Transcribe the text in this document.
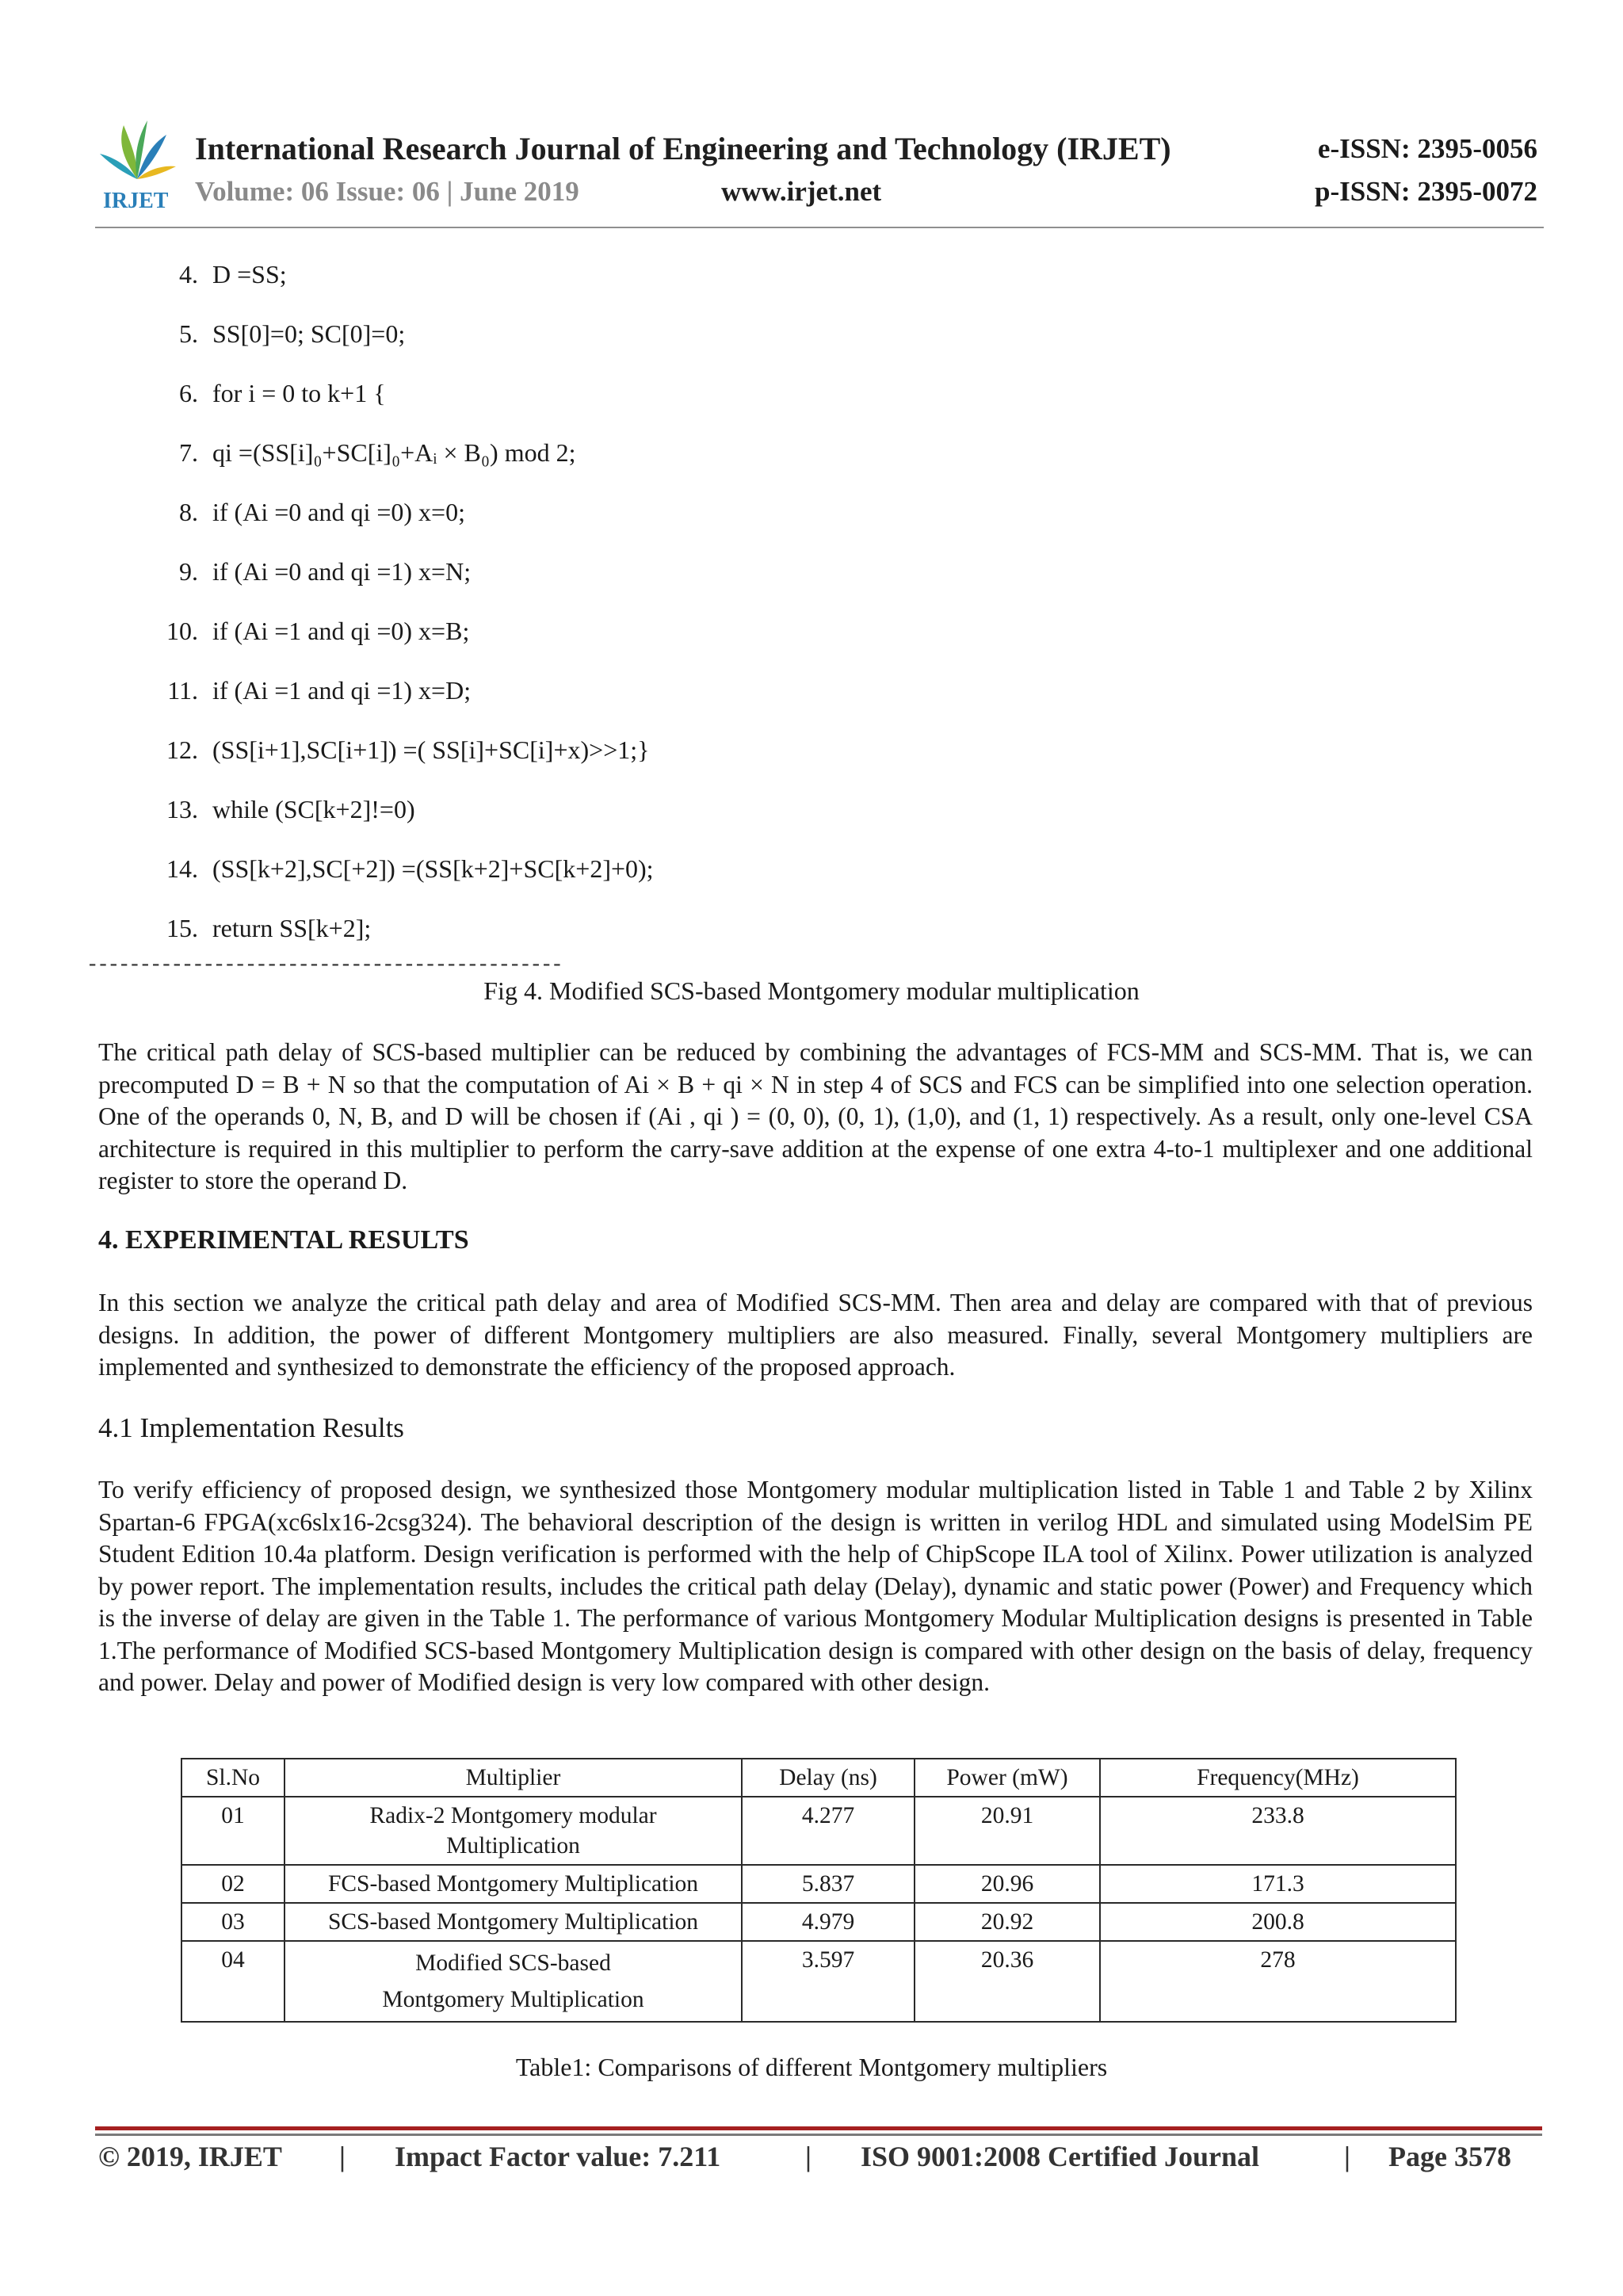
IRJET
International Research Journal of Engineering and Technology (IRJET)	e-ISSN: 2395-0056
Volume: 06 Issue: 06 | June 2019	www.irjet.net	p-ISSN: 2395-0072
4. D =SS;
5. SS[0]=0; SC[0]=0;
6. for i = 0 to k+1 {
7. qi =(SS[i]₀+SC[i]₀+Aᵢ × B₀) mod 2;
8. if (Ai =0 and qi =0) x=0;
9. if (Ai =0 and qi =1) x=N;
10. if (Ai =1 and qi =0) x=B;
11. if (Ai =1 and qi =1) x=D;
12. (SS[i+1],SC[i+1]) =( SS[i]+SC[i]+x)>>1;}
13. while (SC[k+2]!=0)
14. (SS[k+2],SC[+2]) =(SS[k+2]+SC[k+2]+0);
15. return SS[k+2];
---------------------------------------------
Fig 4. Modified SCS-based Montgomery modular multiplication
The critical path delay of SCS-based multiplier can be reduced by combining the advantages of FCS-MM and SCS-MM. That is, we can precomputed D = B + N so that the computation of Ai × B + qi × N in step 4 of SCS and FCS can be simplified into one selection operation. One of the operands 0, N, B, and D will be chosen if (Ai , qi ) = (0, 0), (0, 1), (1,0), and (1, 1) respectively. As a result, only one-level CSA architecture is required in this multiplier to perform the carry-save addition at the expense of one extra 4-to-1 multiplexer and one additional register to store the operand D.
4. EXPERIMENTAL RESULTS
In this section we analyze the critical path delay and area of Modified SCS-MM. Then area and delay are compared with that of previous designs. In addition, the power of different Montgomery multipliers are also measured. Finally, several Montgomery multipliers are implemented and synthesized to demonstrate the efficiency of the proposed approach.
4.1 Implementation Results
To verify efficiency of proposed design, we synthesized those Montgomery modular multiplication listed in Table 1 and Table 2 by Xilinx Spartan-6 FPGA(xc6slx16-2csg324). The behavioral description of the design is written in verilog HDL and simulated using ModelSim PE Student Edition 10.4a platform. Design verification is performed with the help of ChipScope ILA tool of Xilinx. Power utilization is analyzed by power report. The implementation results, includes the critical path delay (Delay), dynamic and static power (Power) and Frequency which is the inverse of delay are given in the Table 1. The performance of various Montgomery Modular Multiplication designs is presented in Table 1.The performance of Modified SCS-based Montgomery Multiplication design is compared with other design on the basis of delay, frequency and power. Delay and power of Modified design is very low compared with other design.
Sl.No	Multiplier	Delay (ns)	Power (mW)	Frequency(MHz)
01	Radix-2 Montgomery modular
Multiplication	4.277	20.91	233.8
02	FCS-based Montgomery Multiplication	5.837	20.96	171.3
03	SCS-based Montgomery Multiplication	4.979	20.92	200.8
04	Modified SCS-based
Montgomery Multiplication	3.597	20.36	278
Table1: Comparisons of different Montgomery multipliers
© 2019, IRJET | Impact Factor value: 7.211	| ISO 9001:2008 Certified Journal	| Page 3578
